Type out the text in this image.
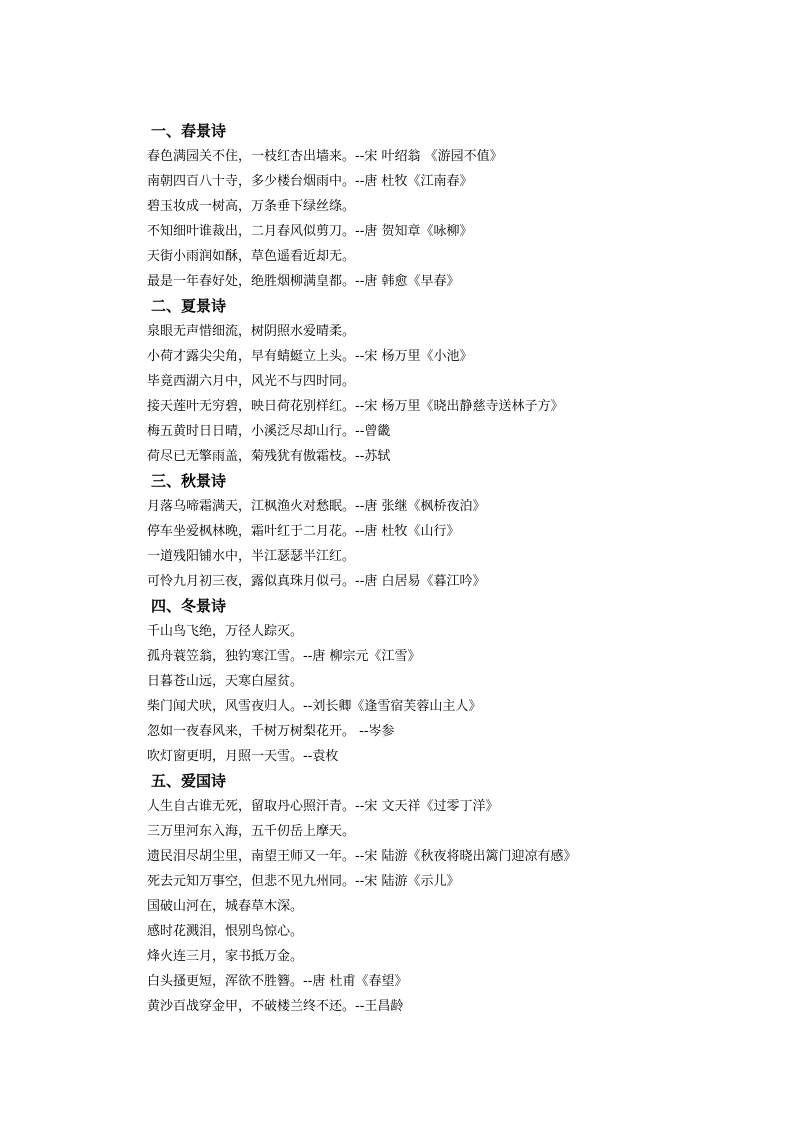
一、春景诗
春色满园关不住，一枝红杏出墙来。--宋 叶绍翁 《游园不值》
南朝四百八十寺，多少楼台烟雨中。--唐 杜牧《江南春》
碧玉妆成一树高，万条垂下绿丝绦。
不知细叶谁裁出，二月春风似剪刀。--唐 贺知章《咏柳》
天街小雨润如酥，草色遥看近却无。
最是一年春好处，绝胜烟柳满皇都。--唐 韩愈《早春》
二、夏景诗
泉眼无声惜细流，树阴照水爱晴柔。
小荷才露尖尖角，早有蜻蜓立上头。--宋 杨万里《小池》
毕竟西湖六月中，风光不与四时同。
接天莲叶无穷碧，映日荷花别样红。--宋 杨万里《晓出静慈寺送林子方》
梅五黄时日日晴，小溪泛尽却山行。--曾畿
荷尽已无擎雨盖，菊残犹有傲霜枝。--苏轼
三、秋景诗
月落乌啼霜满天，江枫渔火对愁眠。--唐 张继《枫桥夜泊》
停车坐爱枫林晚，霜叶红于二月花。--唐 杜牧《山行》
一道残阳铺水中，半江瑟瑟半江红。
可怜九月初三夜，露似真珠月似弓。--唐 白居易《暮江吟》
四、冬景诗
千山鸟飞绝，万径人踪灭。
孤舟蓑笠翁，独钓寒江雪。--唐 柳宗元《江雪》
日暮苍山远，天寒白屋贫。
柴门闻犬吠，风雪夜归人。--刘长卿《逢雪宿芙蓉山主人》
忽如一夜春风来，千树万树梨花开。 --岑参
吹灯窗更明，月照一天雪。--袁枚
五、爱国诗
人生自古谁无死，留取丹心照汗青。--宋 文天祥《过零丁洋》
三万里河东入海，五千仞岳上摩天。
遗民泪尽胡尘里，南望王师又一年。--宋 陆游《秋夜将晓出篱门迎凉有感》
死去元知万事空，但悲不见九州同。--宋 陆游《示儿》
国破山河在，城春草木深。
感时花溅泪，恨别鸟惊心。
烽火连三月，家书抵万金。
白头搔更短，浑欲不胜簪。--唐 杜甫《春望》
黄沙百战穿金甲，不破楼兰终不还。--王昌龄
